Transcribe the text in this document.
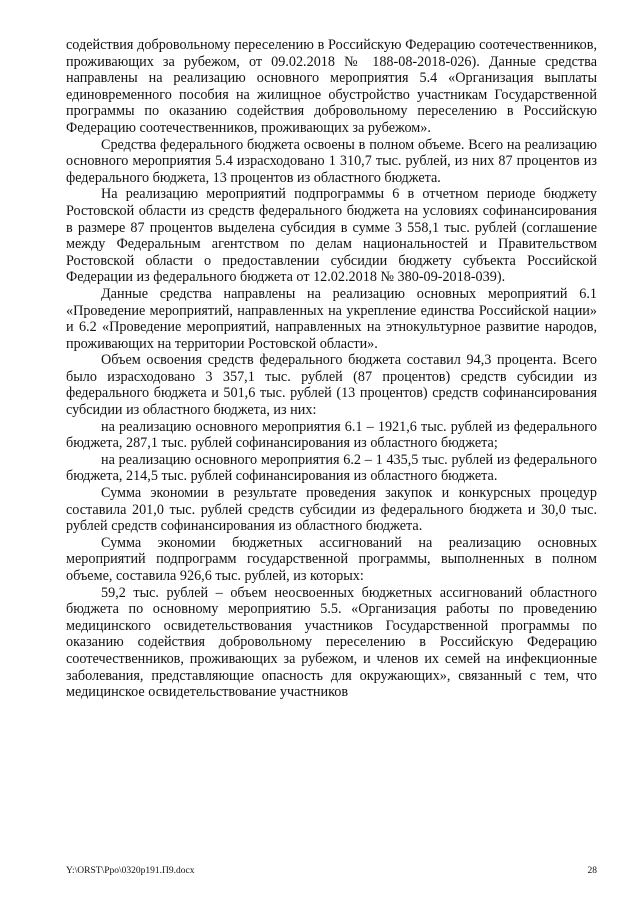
содействия добровольному переселению в Российскую Федерацию соотечественников, проживающих за рубежом, от 09.02.2018 № 188-08-2018-026). Данные средства направлены на реализацию основного мероприятия 5.4 «Организация выплаты единовременного пособия на жилищное обустройство участникам Государственной программы по оказанию содействия добровольному переселению в Российскую Федерацию соотечественников, проживающих за рубежом».

Средства федерального бюджета освоены в полном объеме. Всего на реализацию основного мероприятия 5.4 израсходовано 1 310,7 тыс. рублей, из них 87 процентов из федерального бюджета, 13 процентов из областного бюджета.

На реализацию мероприятий подпрограммы 6 в отчетном периоде бюджету Ростовской области из средств федерального бюджета на условиях софинансирования в размере 87 процентов выделена субсидия в сумме 3 558,1 тыс. рублей (соглашение между Федеральным агентством по делам национальностей и Правительством Ростовской области о предоставлении субсидии бюджету субъекта Российской Федерации из федерального бюджета от 12.02.2018 № 380-09-2018-039).

Данные средства направлены на реализацию основных мероприятий 6.1 «Проведение мероприятий, направленных на укрепление единства Российской нации» и 6.2 «Проведение мероприятий, направленных на этнокультурное развитие народов, проживающих на территории Ростовской области».

Объем освоения средств федерального бюджета составил 94,3 процента. Всего было израсходовано 3 357,1 тыс. рублей (87 процентов) средств субсидии из федерального бюджета и 501,6 тыс. рублей (13 процентов) средств софинансирования субсидии из областного бюджета, из них:

на реализацию основного мероприятия 6.1 – 1921,6 тыс. рублей из федерального бюджета, 287,1 тыс. рублей софинансирования из областного бюджета;

на реализацию основного мероприятия 6.2 – 1 435,5 тыс. рублей из федерального бюджета, 214,5 тыс. рублей софинансирования из областного бюджета.

Сумма экономии в результате проведения закупок и конкурсных процедур составила 201,0 тыс. рублей средств субсидии из федерального бюджета и 30,0 тыс. рублей средств софинансирования из областного бюджета.

Сумма экономии бюджетных ассигнований на реализацию основных мероприятий подпрограмм государственной программы, выполненных в полном объеме, составила 926,6 тыс. рублей, из которых:

59,2 тыс. рублей – объем неосвоенных бюджетных ассигнований областного бюджета по основному мероприятию 5.5. «Организация работы по проведению медицинского освидетельствования участников Государственной программы по оказанию содействия добровольному переселению в Российскую Федерацию соотечественников, проживающих за рубежом, и членов их семей на инфекционные заболевания, представляющие опасность для окружающих», связанный с тем, что медицинское освидетельствование участников

Y:\ORST\Ppo\0320p191.П9.docx	28
